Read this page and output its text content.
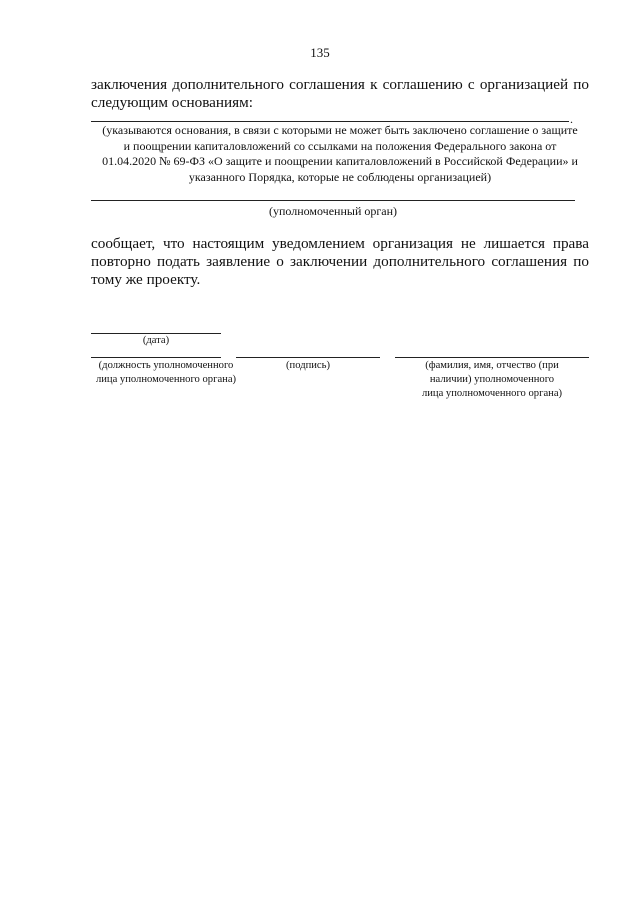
135
заключения дополнительного соглашения к соглашению с организацией по следующим основаниям:
.
(указываются основания, в связи с которыми не может быть заключено соглашение о защите и поощрении капиталовложений со ссылками на положения Федерального закона от 01.04.2020 № 69-ФЗ «О защите и поощрении капиталовложений в Российской Федерации» и указанного Порядка, которые не соблюдены организацией)
(уполномоченный орган)
сообщает, что настоящим уведомлением организация не лишается права повторно подать заявление о заключении дополнительного соглашения по тому же проекту.
(дата)
(должность уполномоченного лица уполномоченного органа)
(подпись)	(фамилия, имя, отчество (при наличии) уполномоченного лица уполномоченного органа)
